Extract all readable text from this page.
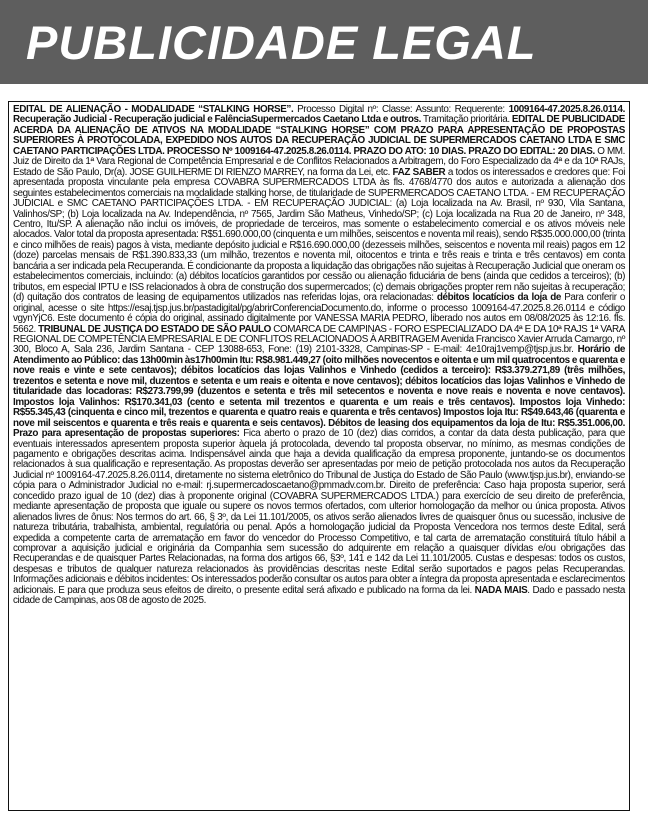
PUBLICIDADE LEGAL

EDITAL DE ALIENAÇÃO - MODALIDADE “STALKING HORSE”. Processo Digital nº: Classe: Assunto: Requerente: 1009164-47.2025.8.26.0114. Recuperação Judicial - Recuperação judicial e FalênciaSupermercados Caetano Ltda e outros. Tramitação prioritária. EDITAL DE PUBLICIDADE ACERDA DA ALIENAÇÃO DE ATIVOS NA MODALIDADE “STALKING HORSE” COM PRAZO PARA APRESENTAÇÃO DE PROPOSTAS SUPERIORES À PROTOCOLADA, EXPEDIDO NOS AUTOS DA RECUPERAÇÃO JUDICIAL DE SUPERMERCADOS CAETANO LTDA E SMC CAETANO PARTICIPAÇÕES LTDA. PROCESSO Nº 1009164-47.2025.8.26.0114. PRAZO DO ATO: 10 DIAS. PRAZO DO EDITAL: 20 DIAS. O MM. Juiz de Direito da 1ª Vara Regional de Competência Empresarial e de Conflitos Relacionados a Arbitragem, do Foro Especializado da 4ª e da 10ª RAJs, Estado de São Paulo, Dr(a). JOSE GUILHERME DI RIENZO MARREY, na forma da Lei, etc. FAZ SABER a todos os interessados e credores que: Foi apresentada proposta vinculante pela empresa COVABRA SUPERMERCADOS LTDA às fls. 4768/4770 dos autos e autorizada a alienação dos seguintes estabelecimentos comerciais na modalidade stalking horse, de titularidade de SUPERMERCADOS CAETANO LTDA. - EM RECUPERAÇÃO JUDICIAL e SMC CAETANO PARTICIPAÇÕES LTDA. - EM RECUPERAÇÃO JUDICIAL: (a) Loja localizada na Av. Brasil, nº 930, Vila Santana, Valinhos/SP; (b) Loja localizada na Av. Independência, nº 7565, Jardim São Matheus, Vinhedo/SP; (c) Loja localizada na Rua 20 de Janeiro, nº 348, Centro, Itu/SP. A alienação não inclui os imóveis, de propriedade de terceiros, mas somente o estabelecimento comercial e os ativos móveis nele alocados. Valor total da proposta apresentada: R$51.690.000,00 (cinquenta e um milhões, seiscentos e noventa mil reais), sendo R$35.000.000,00 (trinta e cinco milhões de reais) pagos à vista, mediante depósito judicial e R$16.690.000,00 (dezesseis milhões, seiscentos e noventa mil reais) pagos em 12 (doze) parcelas mensais de R$1.390.833,33 (um milhão, trezentos e noventa mil, oitocentos e trinta e três reais e trinta e três centavos) em conta bancária a ser indicada pela Recuperanda. É condicionante da proposta a liquidação das obrigações não sujeitas à Recuperação Judicial que oneram os estabelecimentos comerciais, incluindo: (a) débitos locatícios garantidos por cessão ou alienação fiduciária de bens (ainda que cedidos a terceiros); (b) tributos, em especial IPTU e ISS relacionados à obra de construção dos supermercados; (c) demais obrigações propter rem não sujeitas à recuperação; (d) quitação dos contratos de leasing de equipamentos utilizados nas referidas lojas, ora relacionadas: débitos locatícios da loja de Para conferir o original, acesse o site https://esaj.tjsp.jus.br/pastadigital/pg/abrirConferenciaDocumento.do, informe o processo 1009164-47.2025.8.26.0114 e código vgynYjC6. Este documento é cópia do original, assinado digitalmente por VANESSA MARIA PEDRO, liberado nos autos em 08/08/2025 às 12:16. fls. 5662. TRIBUNAL DE JUSTIÇA DO ESTADO DE SÃO PAULO COMARCA DE CAMPINAS - FORO ESPECIALIZADO DA 4ª E DA 10ª RAJS 1ª VARA REGIONAL DE COMPETÊNCIA EMPRESARIAL E DE CONFLITOS RELACIONADOS À ARBITRAGEM Avenida Francisco Xavier Arruda Camargo, nº 300, Bloco A, Sala 236, Jardim Santana - CEP 13088-653, Fone: (19) 2101-3328, Campinas-SP - E-mail: 4e10raj1vemp@tjsp.jus.br. Horário de Atendimento ao Público: das 13h00min às17h00min Itu: R$8.981.449,27 (oito milhões novecentos e oitenta e um mil quatrocentos e quarenta e nove reais e vinte e sete centavos); débitos locatícios das lojas Valinhos e Vinhedo (cedidos a terceiro): R$3.379.271,89 (três milhões, trezentos e setenta e nove mil, duzentos e setenta e um reais e oitenta e nove centavos); débitos locatícios das lojas Valinhos e Vinhedo de titularidade das locadoras: R$273.799,99 (duzentos e setenta e três mil setecentos e noventa e nove reais e noventa e nove centavos). Impostos loja Valinhos: R$170.341,03 (cento e setenta mil trezentos e quarenta e um reais e três centavos). Impostos loja Vinhedo: R$55.345,43 (cinquenta e cinco mil, trezentos e quarenta e quatro reais e quarenta e três centavos) Impostos loja Itu: R$49.643,46 (quarenta e nove mil seiscentos e quarenta e três reais e quarenta e seis centavos). Débitos de leasing dos equipamentos da loja de Itu: R$5.351.006,00. Prazo para apresentação de propostas superiores: Fica aberto o prazo de 10 (dez) dias corridos, a contar da data desta publicação, para que eventuais interessados apresentem proposta superior àquela já protocolada, devendo tal proposta observar, no mínimo, as mesmas condições de pagamento e obrigações descritas acima. Indispensável ainda que haja a devida qualificação da empresa proponente, juntando-se os documentos relacionados à sua qualificação e representação. As propostas deverão ser apresentadas por meio de petição protocolada nos autos da Recuperação Judicial nº 1009164-47.2025.8.26.0114, diretamente no sistema eletrônico do Tribunal de Justiça do Estado de São Paulo (www.tjsp.jus.br), enviando-se cópia para o Administrador Judicial no e-mail: rj.supermercadoscaetano@pmmadv.com.br. Direito de preferência: Caso haja proposta superior, será concedido prazo igual de 10 (dez) dias à proponente original (COVABRA SUPERMERCADOS LTDA.) para exercício de seu direito de preferência, mediante apresentação de proposta que iguale ou supere os novos termos ofertados, com ulterior homologação da melhor ou única proposta. Ativos alienados livres de ônus: Nos termos do art. 66, § 3º, da Lei 11.101/2005, os ativos serão alienados livres de quaisquer ônus ou sucessão, inclusive de natureza tributária, trabalhista, ambiental, regulatória ou penal. Após a homologação judicial da Proposta Vencedora nos termos deste Edital, será expedida a competente carta de arrematação em favor do vencedor do Processo Competitivo, e tal carta de arrematação constituirá título hábil a comprovar a aquisição judicial e originária da Companhia sem sucessão do adquirente em relação a quaisquer dívidas e/ou obrigações das Recuperandas e de quaisquer Partes Relacionadas, na forma dos artigos 66, §3º, 141 e 142 da Lei 11.101/2005. Custas e despesas: todos os custos, despesas e tributos de qualquer natureza relacionados às providências descritas neste Edital serão suportados e pagos pelas Recuperandas. Informações adicionais e débitos incidentes: Os interessados poderão consultar os autos para obter a íntegra da proposta apresentada e esclarecimentos adicionais. E para que produza seus efeitos de direito, o presente edital será afixado e publicado na forma da lei. NADA MAIS. Dado e passado nesta cidade de Campinas, aos 08 de agosto de 2025.
